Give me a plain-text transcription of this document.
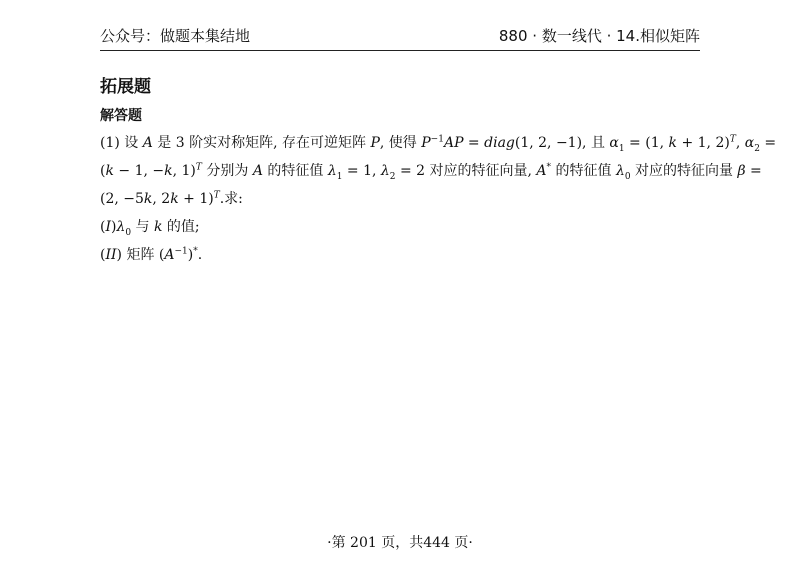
公众号：做题本集结地	880 · 数一线代 · 14.相似矩阵
拓展题
解答题
(1) 设 A 是 3 阶实对称矩阵, 存在可逆矩阵 P, 使得 $P^{-1}AP$ = diag(1, 2, −1), 且 $\alpha_1 = (1$, k + 1, 2)$^T$, $\alpha_2$ =
(k − 1, −k, 1)$^T$ 分别为 A 的特征值 $\lambda_1 = 1$, $\lambda_2 = 2$ 对应的特征向量, A* 的特征值 $\lambda_0$ 对应的特征向量 β =
(2, −5k, 2k + 1)$^T$.求:
$(I)\lambda_0$ 与 k 的值;
(II) 矩阵 $(A^{-1})^*$.
·第 201 页，共444 页·
